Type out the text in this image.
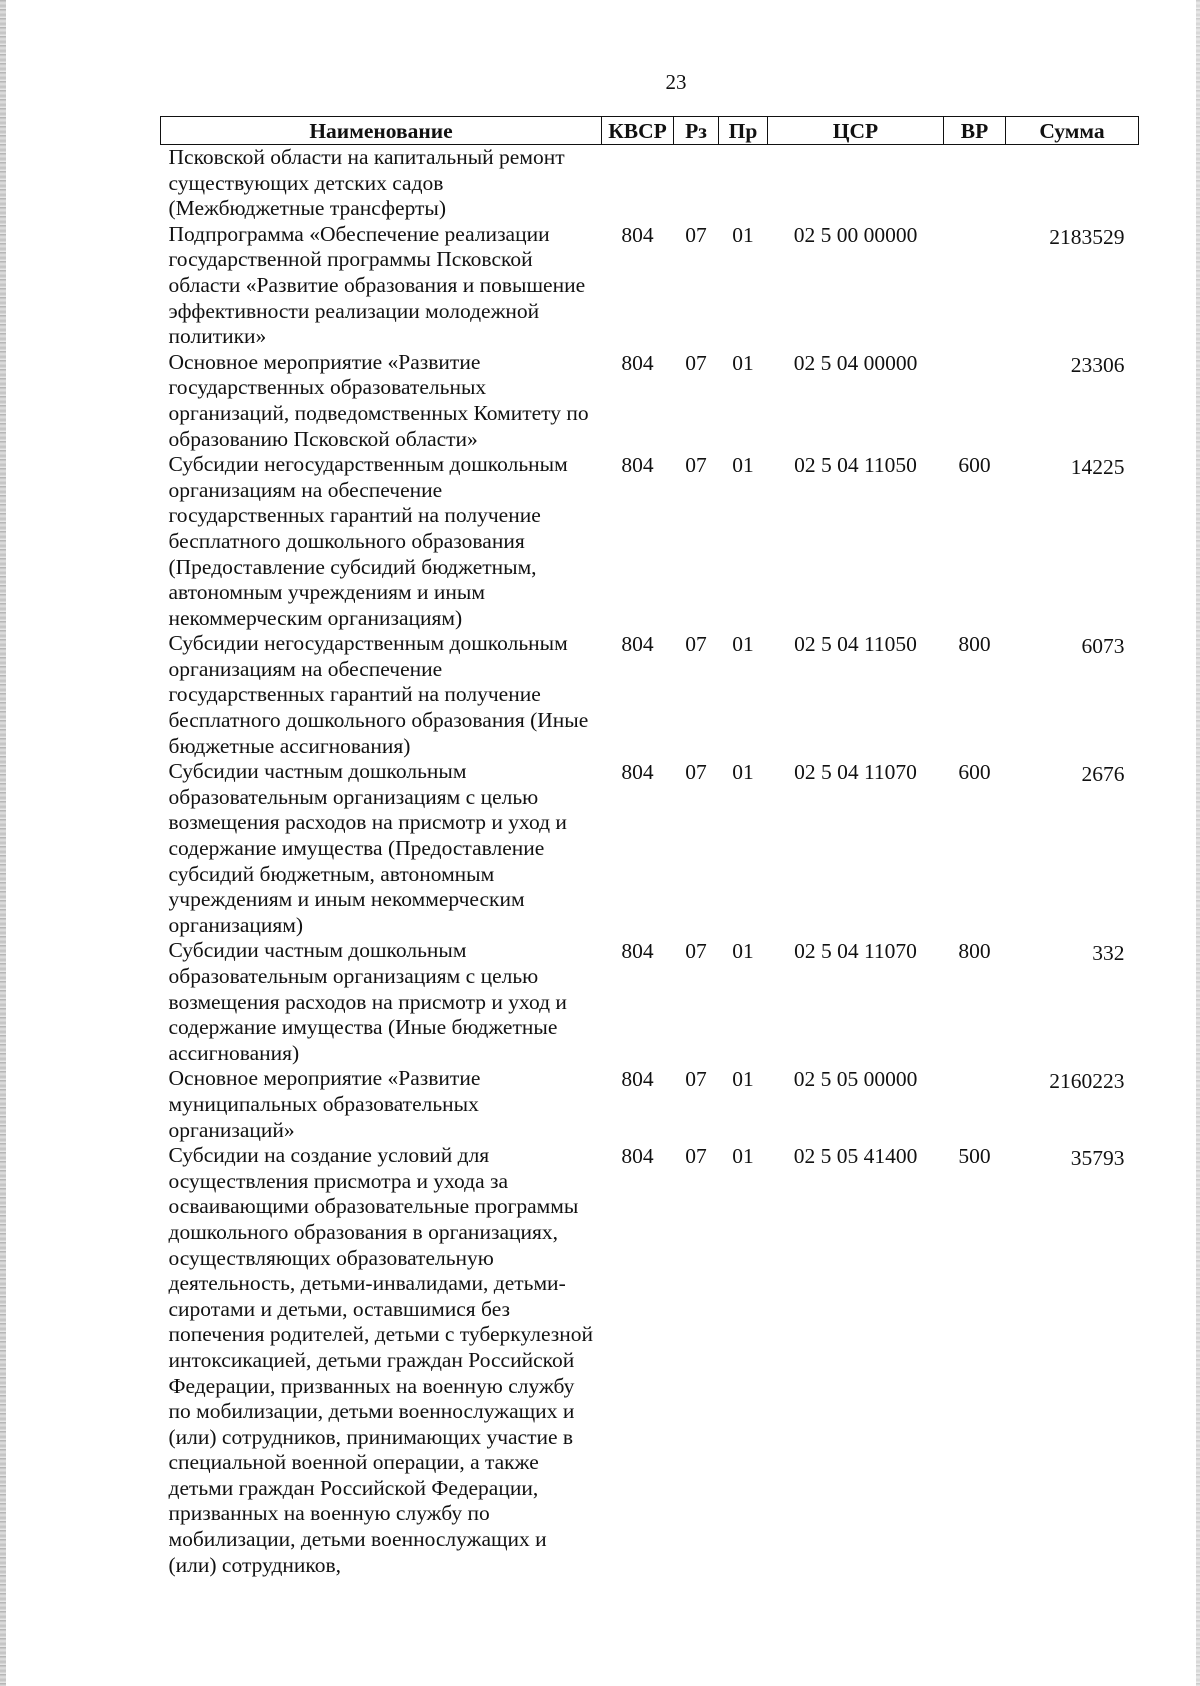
23
Наименование	КВСР	Рз	Пр	ЦСР	ВР	Сумма
Псковской области на капитальный ремонт существующих детских садов (Межбюджетные трансферты)						
Подпрограмма «Обеспечение реализации государственной программы Псковской области «Развитие образования и повышение эффективности реализации молодежной политики»	804	07	01	02 5 00 00000		2183529
Основное мероприятие «Развитие государственных образовательных организаций, подведомственных Комитету по образованию Псковской области»	804	07	01	02 5 04 00000		23306
Субсидии негосударственным дошкольным организациям на обеспечение государственных гарантий на получение бесплатного дошкольного образования (Предоставление субсидий бюджетным, автономным учреждениям и иным некоммерческим организациям)	804	07	01	02 5 04 11050	600	14225
Субсидии негосударственным дошкольным организациям на обеспечение государственных гарантий на получение бесплатного дошкольного образования (Иные бюджетные ассигнования)	804	07	01	02 5 04 11050	800	6073
Субсидии частным дошкольным образовательным организациям с целью возмещения расходов на присмотр и уход и содержание имущества (Предоставление субсидий бюджетным, автономным учреждениям и иным некоммерческим организациям)	804	07	01	02 5 04 11070	600	2676
Субсидии частным дошкольным образовательным организациям с целью возмещения расходов на присмотр и уход и содержание имущества (Иные бюджетные ассигнования)	804	07	01	02 5 04 11070	800	332
Основное мероприятие «Развитие муниципальных образовательных организаций»	804	07	01	02 5 05 00000		2160223
Субсидии на создание условий для осуществления присмотра и ухода за осваивающими образовательные программы дошкольного образования в организациях, осуществляющих образовательную деятельность, детьми-инвалидами, детьми-сиротами и детьми, оставшимися без попечения родителей, детьми с туберкулезной интоксикацией, детьми граждан Российской Федерации, призванных на военную службу по мобилизации, детьми военнослужащих и (или) сотрудников, принимающих участие в специальной военной операции, а также детьми граждан Российской Федерации, призванных на военную службу по мобилизации, детьми военнослужащих и (или) сотрудников,	804	07	01	02 5 05 41400	500	35793
